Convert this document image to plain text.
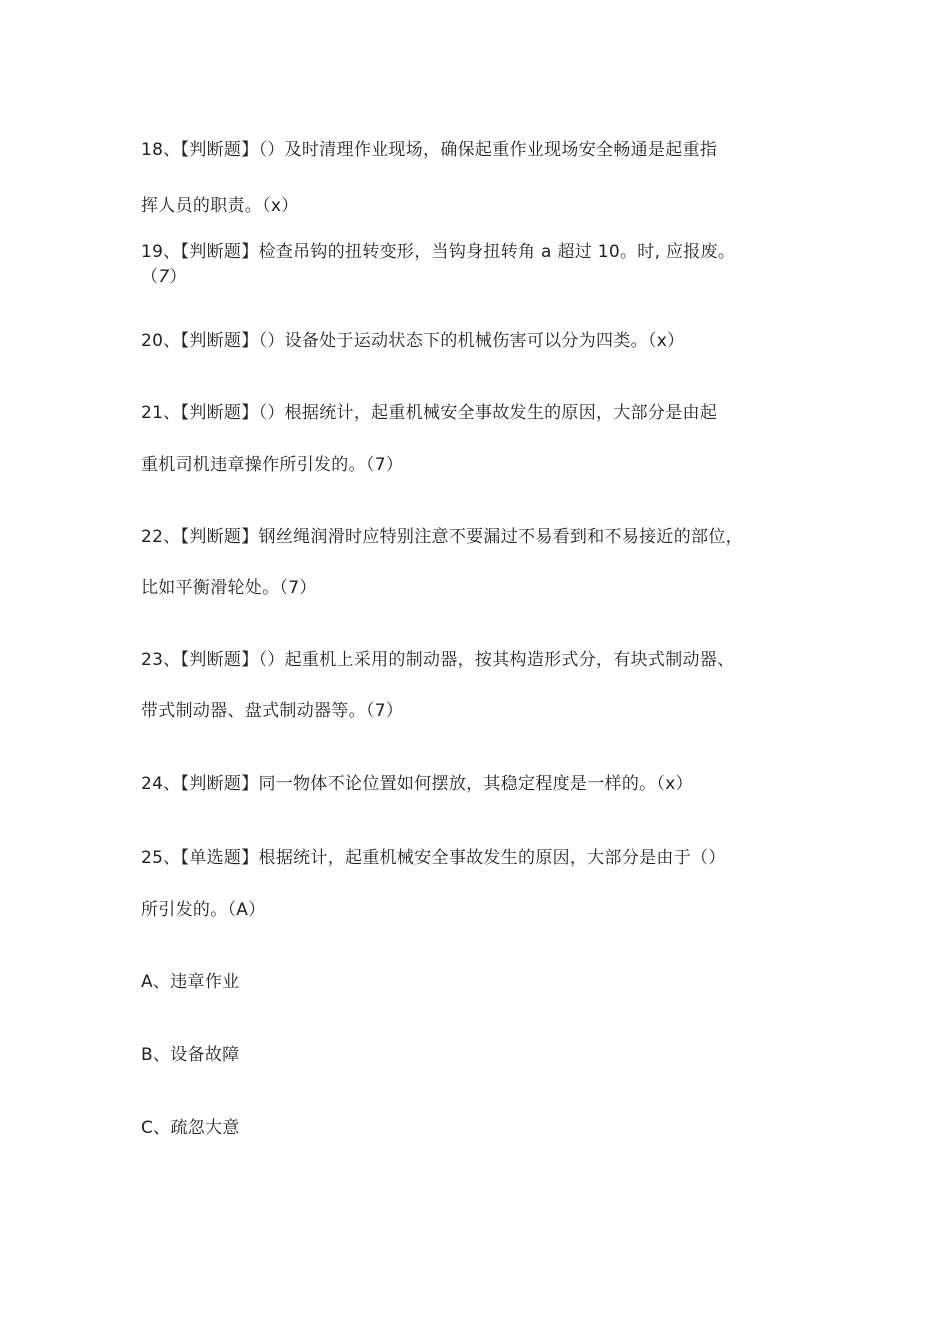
18、【判断题】（）及时清理作业现场，确保起重作业现场安全畅通是起重指
挥人员的职责。（x）
19、【判断题】检查吊钩的扭转变形，当钩身扭转角 a 超过 10。时, 应报废。
（7）
20、【判断题】（）设备处于运动状态下的机械伤害可以分为四类。（x）
21、【判断题】（）根据统计，起重机械安全事故发生的原因，大部分是由起
重机司机违章操作所引发的。（7）
22、【判断题】钢丝绳润滑时应特别注意不要漏过不易看到和不易接近的部位，
比如平衡滑轮处。（7）
23、【判断题】（）起重机上采用的制动器，按其构造形式分，有块式制动器、
带式制动器、盘式制动器等。（7）
24、【判断题】同一物体不论位置如何摆放，其稳定程度是一样的。（x）
25、【单选题】根据统计，起重机械安全事故发生的原因，大部分是由于（）
所引发的。（A）
A、违章作业
B、设备故障
C、疏忽大意
